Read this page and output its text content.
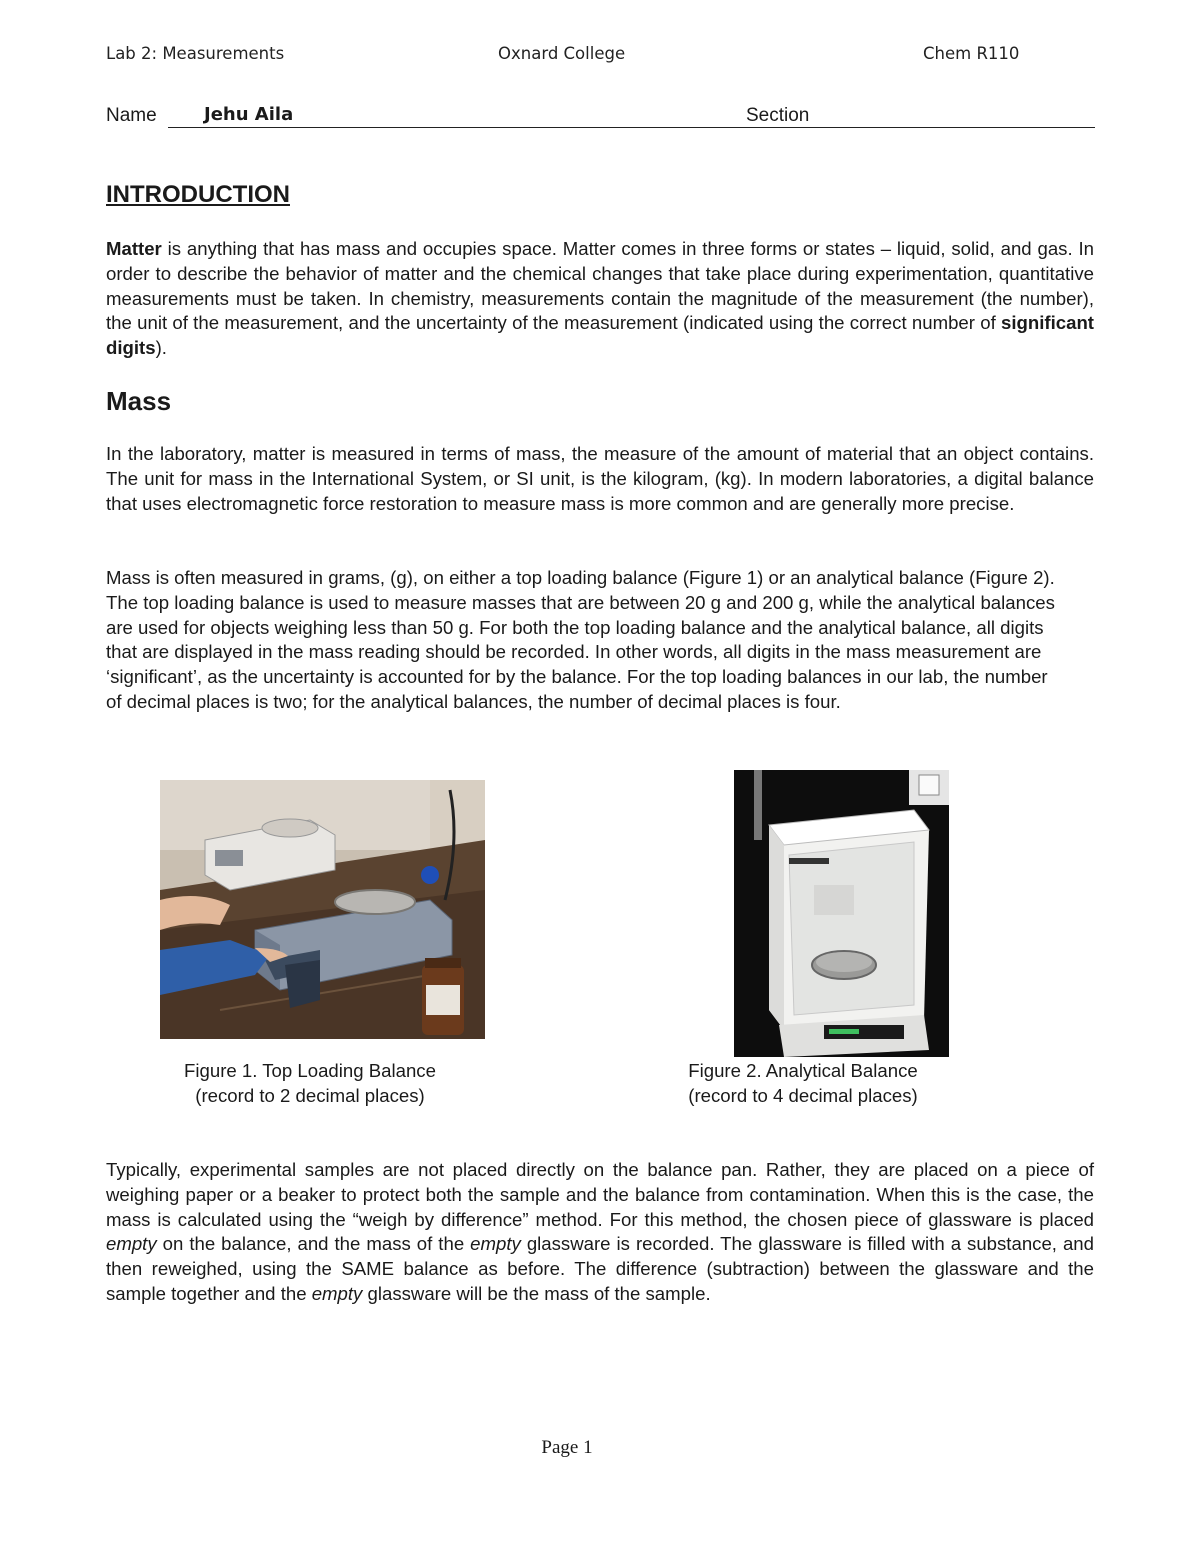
Lab 2: Measurements	Oxnard College	Chem R110
Name	Jehu Aila	Section
INTRODUCTION
Matter is anything that has mass and occupies space. Matter comes in three forms or states – liquid, solid, and gas. In order to describe the behavior of matter and the chemical changes that take place during experimentation, quantitative measurements must be taken. In chemistry, measurements contain the magnitude of the measurement (the number), the unit of the measurement, and the uncertainty of the measurement (indicated using the correct number of significant digits).
Mass
In the laboratory, matter is measured in terms of mass, the measure of the amount of material that an object contains. The unit for mass in the International System, or SI unit, is the kilogram, (kg). In modern laboratories, a digital balance that uses electromagnetic force restoration to measure mass is more common and are generally more precise.
Mass is often measured in grams, (g), on either a top loading balance (Figure 1) or an analytical balance (Figure 2). The top loading balance is used to measure masses that are between 20 g and 200 g, while the analytical balances are used for objects weighing less than 50 g. For both the top loading balance and the analytical balance, all digits that are displayed in the mass reading should be recorded. In other words, all digits in the mass measurement are ‘significant’, as the uncertainty is accounted for by the balance. For the top loading balances in our lab, the number of decimal places is two; for the analytical balances, the number of decimal places is four.
Figure 1. Top Loading Balance
(record to 2 decimal places)
Figure 2. Analytical Balance
(record to 4 decimal places)
Typically, experimental samples are not placed directly on the balance pan. Rather, they are placed on a piece of weighing paper or a beaker to protect both the sample and the balance from contamination. When this is the case, the mass is calculated using the “weigh by difference” method. For this method, the chosen piece of glassware is placed empty on the balance, and the mass of the empty glassware is recorded. The glassware is filled with a substance, and then reweighed, using the SAME balance as before. The difference (subtraction) between the glassware and the sample together and the empty glassware will be the mass of the sample.
Page 1
